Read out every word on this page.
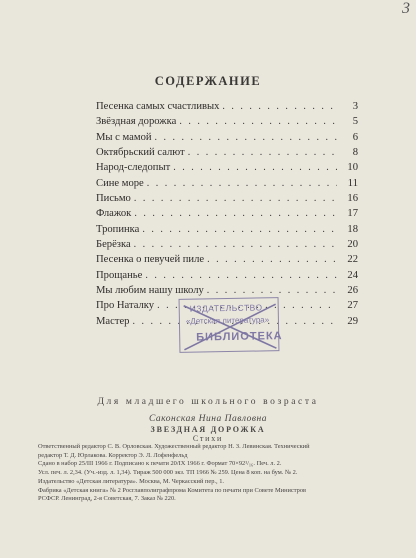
3
СОДЕРЖАНИЕ
Песенка самых счастливых . . .	3
Звёздная дорожка . . .	5
Мы с мамой . . .	6
Октябрьский салют . . .	8
Народ-следопыт . . .	10
Сине море . . .	11
Письмо . . .	16
Флажок . . .	17
Тропинка . . .	18
Берёзка . . .	20
Песенка о певучей пиле . . .	22
Прощанье . . .	24
Мы любим нашу школу . . .	26
Про Наталку . . .	27
Мастер . . .	29
ИЗДАТЕЛЬСТВО
«Детская литература»
БИБЛИОТЕКА
Для младшего школьного возраста
Саконская Нина Павловна
ЗВЕЗДНАЯ ДОРОЖКА
Стихи

Ответственный редактор С. В. Орловская. Художественный редактор Н. З. Левинская. Технический

редактор Т. Д. Юрлакова. Корректор Э. Л. Лофенфельд

Сдано в набор 25/III 1966 г. Подписано к печати 20/IX 1966 г. Формат 70×92¹/₁₆. Печ. л. 2.

Усл. печ. л. 2,34. (Уч.-изд. л. 1,34). Тираж 500 000 экз. ТП 1966 № 259. Цена 8 коп. на бум. № 2.

Издательство «Детская литература». Москва, М. Черкасский пер., 1.

Фабрика «Детская книга» № 2 Росглавполиграфпрома Комитета по печати при Совете Министров

РСФСР. Ленинград, 2-я Советская, 7. Заказ № 220.
